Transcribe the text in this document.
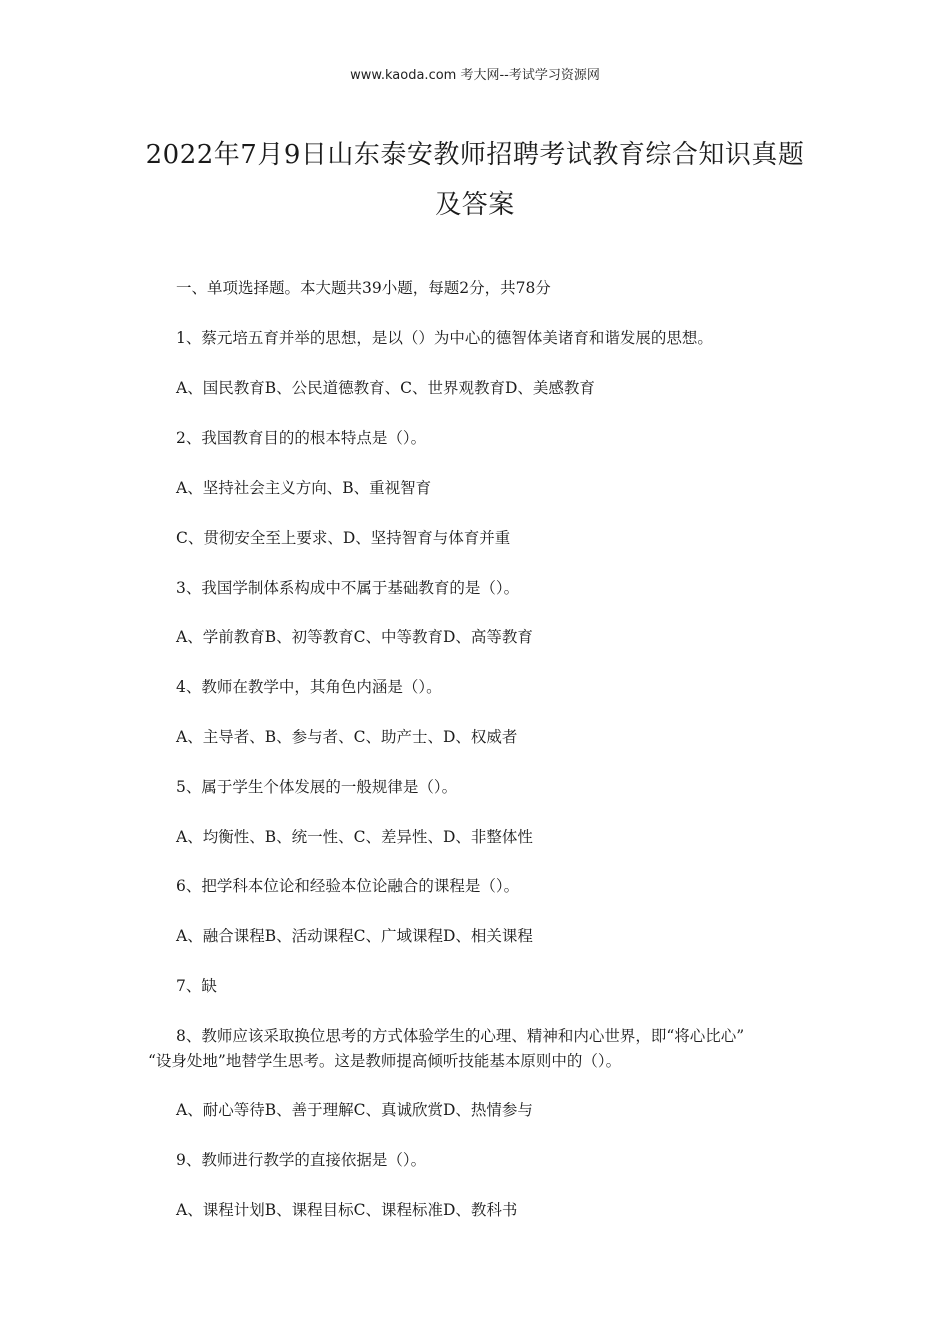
www.kaoda.com 考大网--考试学习资源网
2022年7月9日山东泰安教师招聘考试教育综合知识真题
及答案
一、单项选择题。本大题共39小题，每题2分，共78分
1、蔡元培五育并举的思想，是以（）为中心的德智体美诸育和谐发展的思想。
A、国民教育B、公民道德教育、C、世界观教育D、美感教育
2、我国教育目的的根本特点是（）。
A、坚持社会主义方向、B、重视智育
C、贯彻安全至上要求、D、坚持智育与体育并重
3、我国学制体系构成中不属于基础教育的是（）。
A、学前教育B、初等教育C、中等教育D、高等教育
4、教师在教学中，其角色内涵是（）。
A、主导者、B、参与者、C、助产士、D、权威者
5、属于学生个体发展的一般规律是（）。
A、均衡性、B、统一性、C、差异性、D、非整体性
6、把学科本位论和经验本位论融合的课程是（）。
A、融合课程B、活动课程C、广域课程D、相关课程
7、缺
8、教师应该采取换位思考的方式体验学生的心理、精神和内心世界，即“将心比心”
“设身处地”地替学生思考。这是教师提高倾听技能基本原则中的（）。
A、耐心等待B、善于理解C、真诚欣赏D、热情参与
9、教师进行教学的直接依据是（）。
A、课程计划B、课程目标C、课程标准D、教科书
